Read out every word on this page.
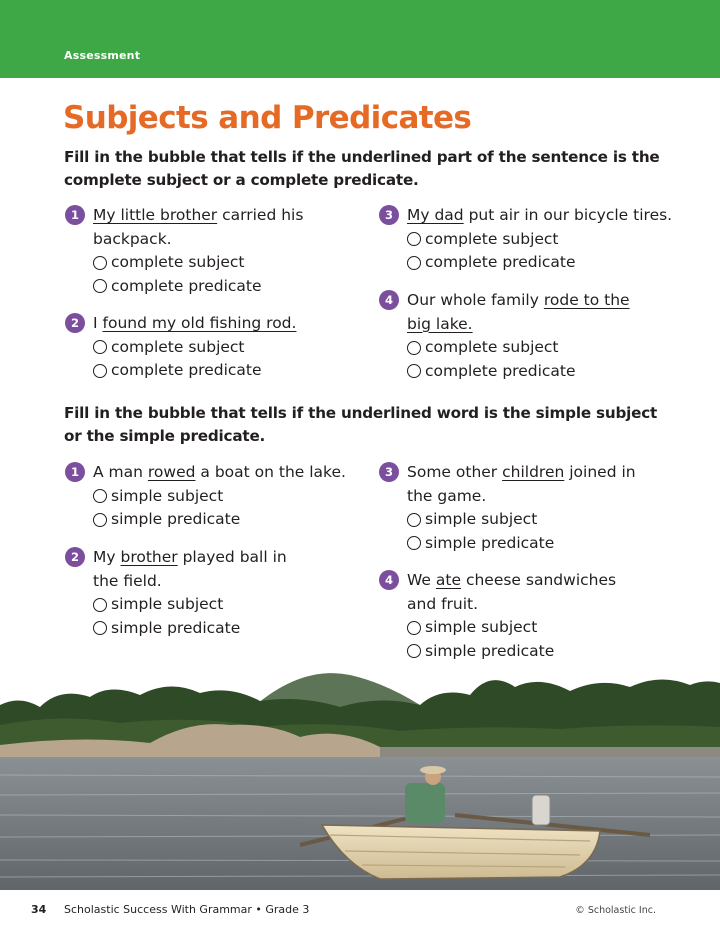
Assessment
Subjects and Predicates
Fill in the bubble that tells if the underlined part of the sentence is the complete subject or a complete predicate.
1 My little brother carried his
backpack.
complete subject
complete predicate
2 I found my old fishing rod.
complete subject
complete predicate
3 My dad put air in our bicycle tires.
complete subject
complete predicate
4 Our whole family rode to the
big lake.
complete subject
complete predicate
Fill in the bubble that tells if the underlined word is the simple subject or the simple predicate.
1 A man rowed a boat on the lake.
simple subject
simple predicate
2 My brother played ball in
the field.
simple subject
simple predicate
3 Some other children joined in
the game.
simple subject
simple predicate
4 We ate cheese sandwiches
and fruit.
simple subject
simple predicate
34 Scholastic Success With Grammar • Grade 3	© Scholastic Inc.
